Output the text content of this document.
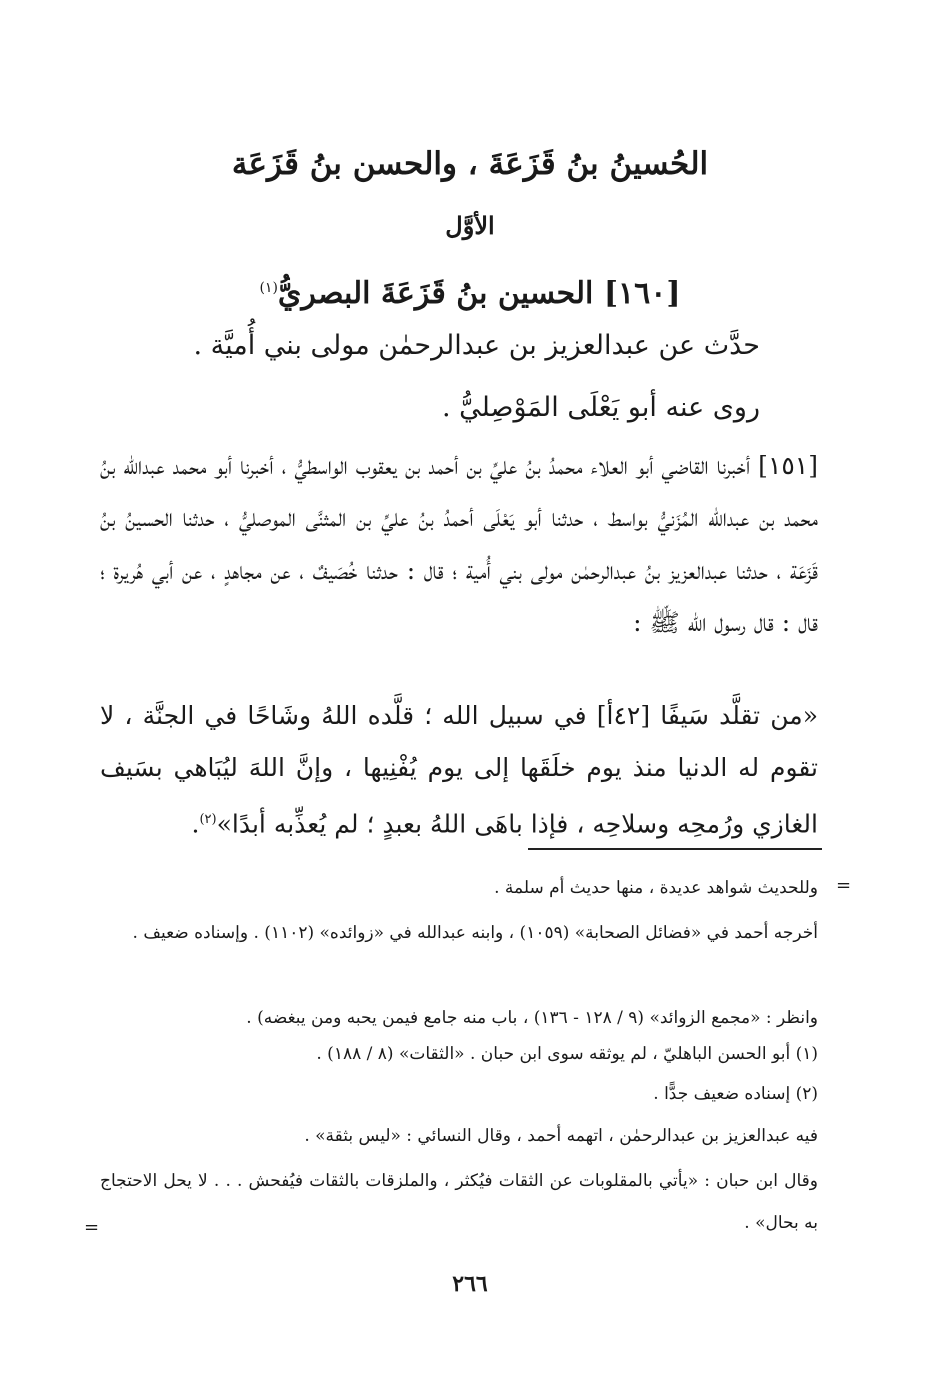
الحُسينُ بنُ قَزَعَةَ ، والحسن بنُ قَزَعَة
الأوَّل
[١٦٠] الحسين بنُ قَزَعَةَ البصريُّ$^{(١)}$
حدَّث عن عبدالعزيز بن عبدالرحمٰن مولى بني أُميَّة .
روى عنه أبو يَعْلَى المَوْصِليُّ .
[١٥١] أخبرنا القاضي أبو العلاء محمدُ بنُ عليِّ بن أحمد بن يعقوب الواسطيُّ ، أخبرنا أبو محمد عبدالله بنُ محمد بن عبدالله المُزَنيُّ بواسط ، حدثنا أبو يَعْلَى أحمدُ بنُ عليِّ بن المثنَّى الموصليُّ ، حدثنا الحسينُ بنُ قَزَعَة ، حدثنا عبدالعزيز بنُ عبدالرحمٰن مولى بني أُمية ؛ قال : حدثنا خُصَيفٌ ، عن مجاهدٍ ، عن أبي هُريرة ؛ قال : قال رسول الله ﷺ :
«من تقلَّد سَيفًا [٤٢أ] في سبيل الله ؛ قلَّده اللهُ وشَاحًا في الجنَّة ، لا تقوم له الدنيا منذ يوم خلَقَها إلى يوم يُفْنِيها ، وإنَّ اللهَ ليُبَاهي بسَيف الغازي ورُمحِه وسلاحِه ، فإذا باهَى اللهُ بعبدٍ ؛ لم يُعذِّبه أبدًا»$^{(٢)}$.
=
وللحديث شواهد عديدة ، منها حديث أم سلمة .
أخرجه أحمد في «فضائل الصحابة» (١٠٥٩) ، وابنه عبدالله في «زوائده» (١١٠٢) . وإسناده ضعيف .
وانظر : «مجمع الزوائد» (٩ / ١٢٨ - ١٣٦) ، باب منه جامع فيمن يحبه ومن يبغضه) .
(١) أبو الحسن الباهليّ ، لم يوثقه سوى ابن حبان . «الثقات» (٨ / ١٨٨) .
(٢) إسناده ضعيف جدًّا .
فيه عبدالعزيز بن عبدالرحمٰن ، اتهمه أحمد ، وقال النسائي : «ليس بثقة» .
وقال ابن حبان : «يأتي بالمقلوبات عن الثقات فيُكثر ، والملزقات بالثقات فيُفحش . . . لا يحل الاحتجاج به بحال» .
=
٢٦٦
